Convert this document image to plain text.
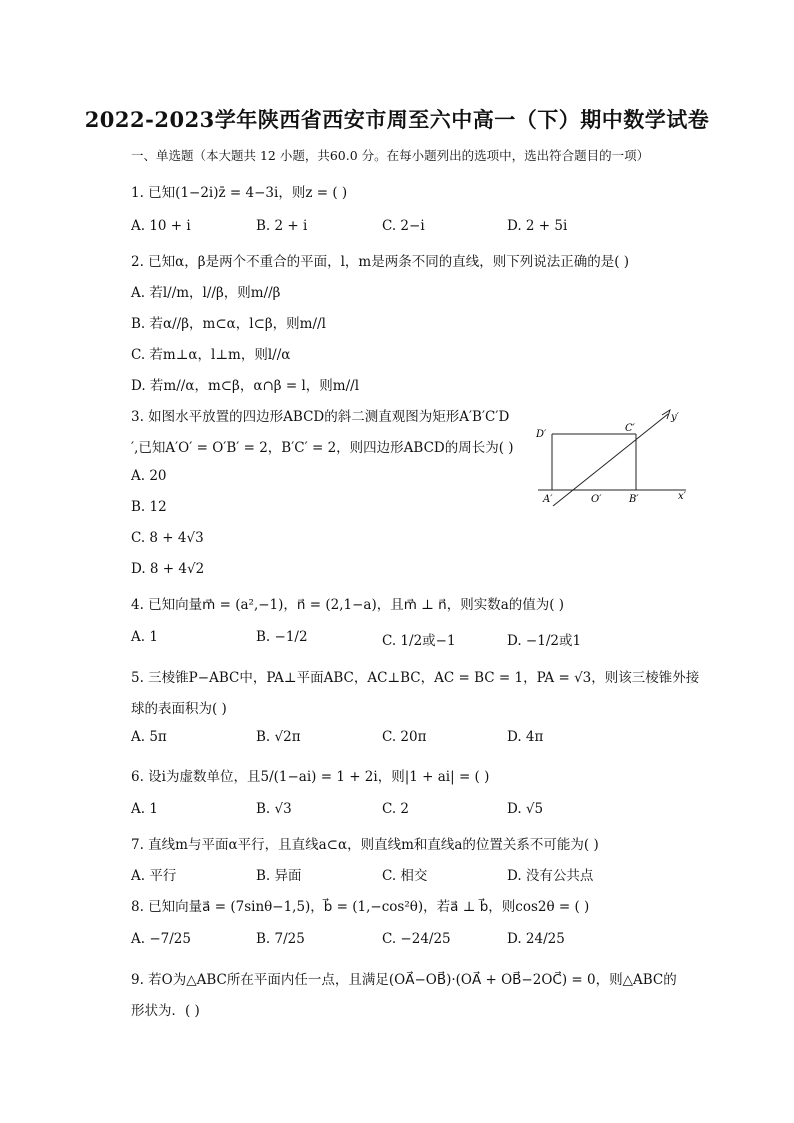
2022-2023学年陕西省西安市周至六中高一（下）期中数学试卷
一、单选题（本大题共 12 小题，共60.0 分。在每小题列出的选项中，选出符合题目的一项）
1. 已知(1−2i)z̄ = 4−3i，则z = ( )
A. 10 + i	B. 2 + i	C. 2−i	D. 2 + 5i
2. 已知α，β是两个不重合的平面，l，m是两条不同的直线，则下列说法正确的是( )
A. 若l//m，l//β，则m//β
B. 若α//β，m⊂α，l⊂β，则m//l
C. 若m⊥α，l⊥m，则l//α
D. 若m//α，m⊂β，α∩β = l，则m//l
3. 如图水平放置的四边形ABCD的斜二测直观图为矩形A′B′C′D
′,已知A′O′ = O′B′ = 2，B′C′ = 2，则四边形ABCD的周长为( )
A. 20
B. 12
C. 8 + 4√3
D. 8 + 4√2
D′
C′
A′	O′	B′	x′
y′
4. 已知向量m⃗ = (a²,−1)，n⃗ = (2,1−a)，且m⃗ ⊥ n⃗，则实数a的值为( )
A. 1	B. −1/2	C. 1/2或−1	D. −1/2或1
5. 三棱锥P−ABC中，PA⊥平面ABC，AC⊥BC，AC = BC = 1，PA = √3，则该三棱锥外接
球的表面积为( )
A. 5π	B. √2π	C. 20π	D. 4π
6. 设i为虚数单位，且5/(1−ai) = 1 + 2i，则|1 + ai| = ( )
A. 1	B. √3	C. 2	D. √5
7. 直线m与平面α平行，且直线a⊂α，则直线m和直线a的位置关系不可能为( )
A. 平行	B. 异面	C. 相交	D. 没有公共点
8. 已知向量a⃗ = (7sinθ−1,5)，b⃗ = (1,−cos²θ)，若a⃗ ⊥ b⃗，则cos2θ = ( )
A. −7/25	B. 7/25	C. −24/25	D. 24/25
9. 若O为△ABC所在平面内任一点，且满足(OA⃗−OB⃗)·(OA⃗ + OB⃗−2OC⃗) = 0，则△ABC的
形状为．( )
